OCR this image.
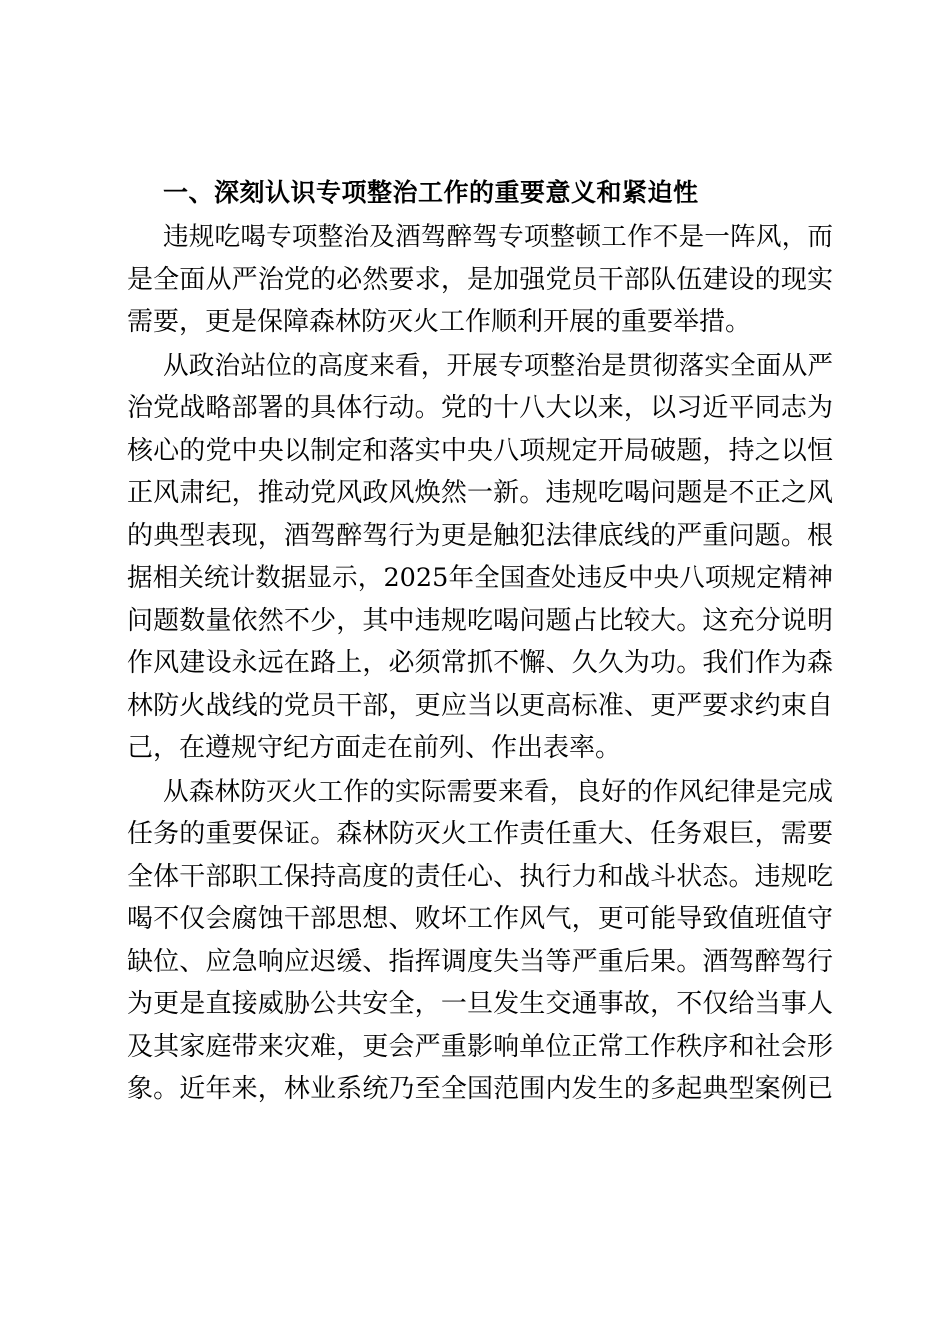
一、深刻认识专项整治工作的重要意义和紧迫性
违规吃喝专项整治及酒驾醉驾专项整顿工作不是一阵风，而
是全面从严治党的必然要求，是加强党员干部队伍建设的现实
需要，更是保障森林防灭火工作顺利开展的重要举措。
从政治站位的高度来看，开展专项整治是贯彻落实全面从严
治党战略部署的具体行动。党的十八大以来，以习近平同志为
核心的党中央以制定和落实中央八项规定开局破题，持之以恒
正风肃纪，推动党风政风焕然一新。违规吃喝问题是不正之风
的典型表现，酒驾醉驾行为更是触犯法律底线的严重问题。根
据相关统计数据显示，2025年全国查处违反中央八项规定精神
问题数量依然不少，其中违规吃喝问题占比较大。这充分说明
作风建设永远在路上，必须常抓不懈、久久为功。我们作为森
林防火战线的党员干部，更应当以更高标准、更严要求约束自
己，在遵规守纪方面走在前列、作出表率。
从森林防灭火工作的实际需要来看，良好的作风纪律是完成
任务的重要保证。森林防灭火工作责任重大、任务艰巨，需要
全体干部职工保持高度的责任心、执行力和战斗状态。违规吃
喝不仅会腐蚀干部思想、败坏工作风气，更可能导致值班值守
缺位、应急响应迟缓、指挥调度失当等严重后果。酒驾醉驾行
为更是直接威胁公共安全，一旦发生交通事故，不仅给当事人
及其家庭带来灾难，更会严重影响单位正常工作秩序和社会形
象。近年来，林业系统乃至全国范围内发生的多起典型案例已
